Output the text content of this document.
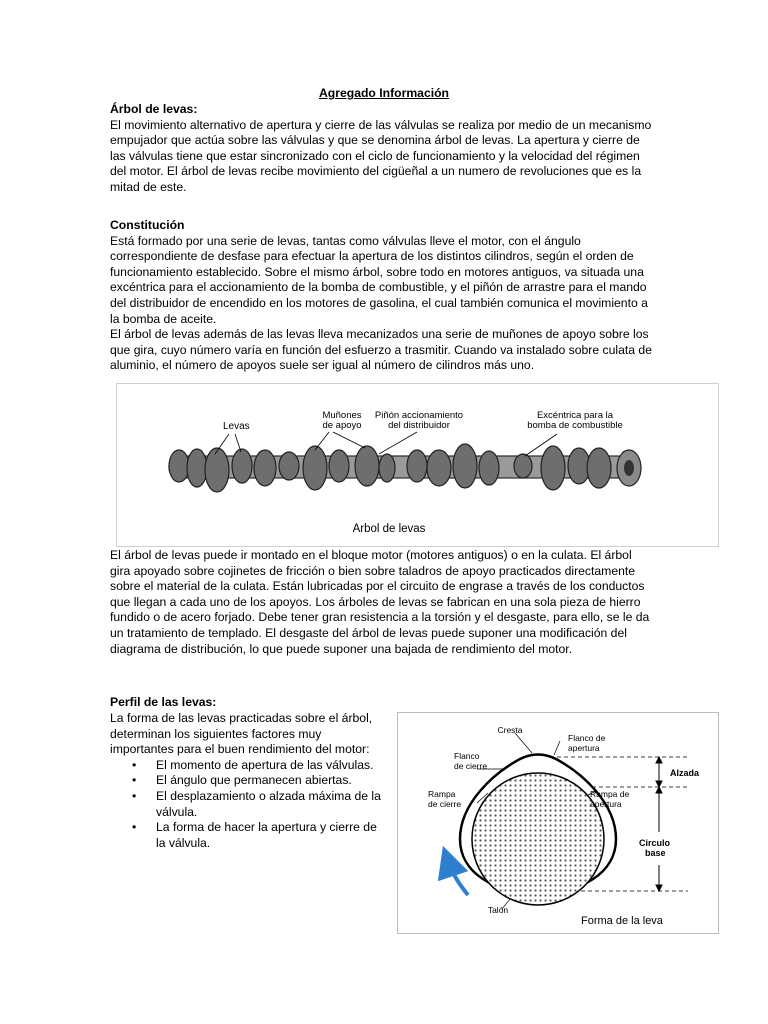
Agregado Información
Árbol de levas:

El movimiento alternativo de apertura y cierre de las válvulas se realiza por medio de un mecanismo empujador que actúa sobre las válvulas y que se denomina árbol de levas. La apertura y cierre de las válvulas tiene que estar sincronizado con el ciclo de funcionamiento y la velocidad del régimen del motor. El árbol de levas recibe movimiento del cigüeñal a un numero de revoluciones que es la mitad de este.

Constitución

Está formado por una serie de levas, tantas como válvulas lleve el motor, con el ángulo correspondiente de desfase para efectuar la apertura de los distintos cilindros, según el orden de funcionamiento establecido. Sobre el mismo árbol, sobre todo en motores antiguos, va situada una excéntrica para el accionamiento de la bomba de combustible, y el piñón de arrastre para el mando del distribuidor de encendido en los motores de gasolina, el cual también comunica el movimiento a la bomba de aceite.

El árbol de levas además de las levas lleva mecanizados una serie de muñones de apoyo sobre los que gira, cuyo número varía en función del esfuerzo a trasmitir. Cuando va instalado sobre culata de aluminio, el número de apoyos suele ser igual al número de cilindros más uno.

Levas
Muñones
de apoyo
Piñón accionamiento
del distribuidor
Excéntrica para la
bomba de combustible
Arbol de levas

El árbol de levas puede ir montado en el bloque motor (motores antiguos) o en la culata. El árbol gira apoyado sobre cojinetes de fricción o bien sobre taladros de apoyo practicados directamente sobre el material de la culata. Están lubricadas por el circuito de engrase a través de los conductos que llegan a cada uno de los apoyos. Los árboles de levas se fabrican en una sola pieza de hierro fundido o de acero forjado. Debe tener gran resistencia a la torsión y el desgaste, para ello, se le da un tratamiento de templado. El desgaste del árbol de levas puede suponer una modificación del diagrama de distribución, lo que puede suponer una bajada de rendimiento del motor.

Perfil de las levas:

La forma de las levas practicadas sobre el árbol, determinan los siguientes factores muy importantes para el buen rendimiento del motor:

• El momento de apertura de las válvulas.
• El ángulo que permanecen abiertas.
• El desplazamiento o alzada máxima de la válvula.
• La forma de hacer la apertura y cierre de la válvula.
Cresta
Flanco de
apertura
Flanco
de cierre
Alzada
Rampa
de cierre
Rampa de
apertura
Circulo
base
Talón
Forma de la leva
